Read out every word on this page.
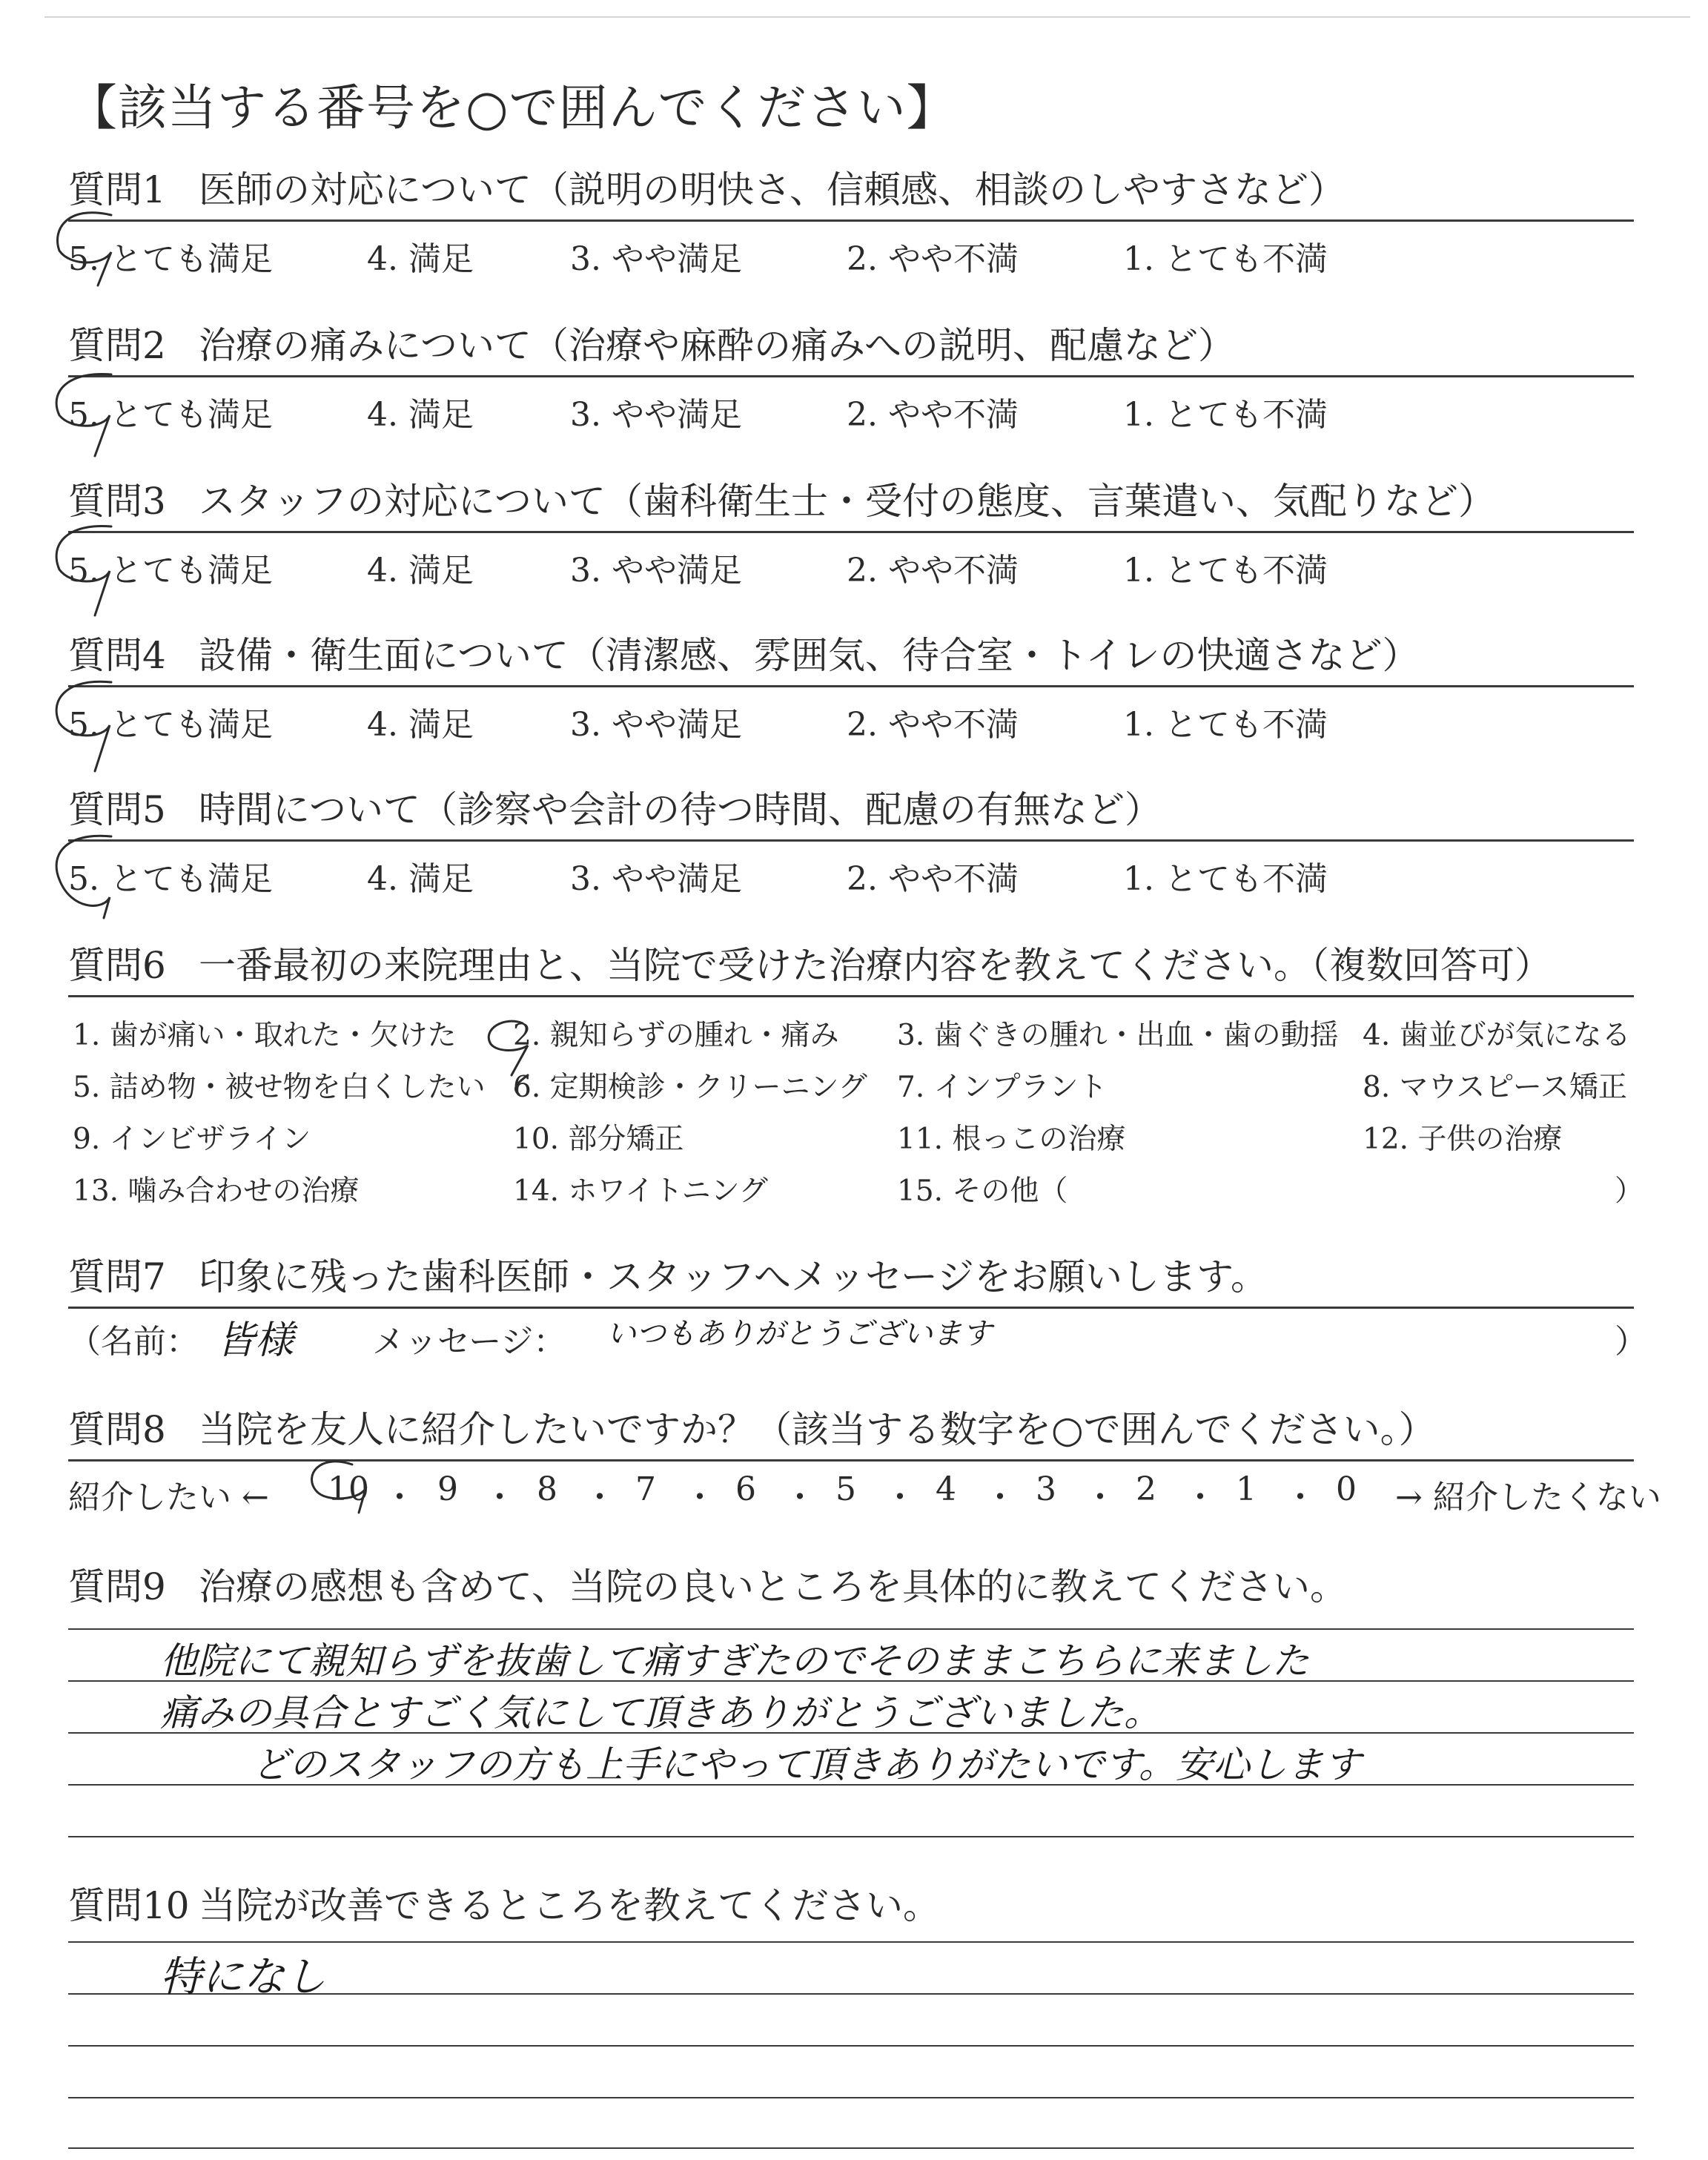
【該当する番号を○で囲んでください】
質問1 医師の対応について（説明の明快さ、信頼感、相談のしやすさなど）
5. とても満足	4. 満足	3. やや満足	2. やや不満	1. とても不満
質問2 治療の痛みについて（治療や麻酔の痛みへの説明、配慮など）
5. とても満足	4. 満足	3. やや満足	2. やや不満	1. とても不満
質問3 スタッフの対応について（歯科衛生士・受付の態度、言葉遣い、気配りなど）
5. とても満足	4. 満足	3. やや満足	2. やや不満	1. とても不満
質問4 設備・衛生面について（清潔感、雰囲気、待合室・トイレの快適さなど）
5. とても満足	4. 満足	3. やや満足	2. やや不満	1. とても不満
質問5 時間について（診察や会計の待つ時間、配慮の有無など）
5. とても満足	4. 満足	3. やや満足	2. やや不満	1. とても不満
質問6 一番最初の来院理由と、当院で受けた治療内容を教えてください。（複数回答可）
1. 歯が痛い・取れた・欠けた 2. 親知らずの腫れ・痛み 3. 歯ぐきの腫れ・出血・歯の動揺 4. 歯並びが気になる
5. 詰め物・被せ物を白くしたい 6. 定期検診・クリーニング 7. インプラント	8. マウスピース矯正
9. インビザライン	10. 部分矯正	11. 根っこの治療	12. 子供の治療
13. 噛み合わせの治療	14. ホワイトニング	15. その他（	）
質問7 印象に残った歯科医師・スタッフへメッセージをお願いします。
（名前： 皆様 メッセージ： いつもありがとうございます	）
質問8 当院を友人に紹介したいですか？（該当する数字を○で囲んでください。）
紹介したい ← 10 ・ 9 ・ 8 ・ 7 ・ 6 ・ 5 ・ 4 ・ 3 ・ 2 ・ 1 ・ 0 → 紹介したくない
質問9 治療の感想も含めて、当院の良いところを具体的に教えてください。
他院にて親知らずを抜歯して痛すぎたのでそのままこちらに来ました
痛みの具合とすごく気にして頂きありがとうございました。
どのスタッフの方も上手にやって頂きありがたいです。安心します
質問10 当院が改善できるところを教えてください。
特になし
